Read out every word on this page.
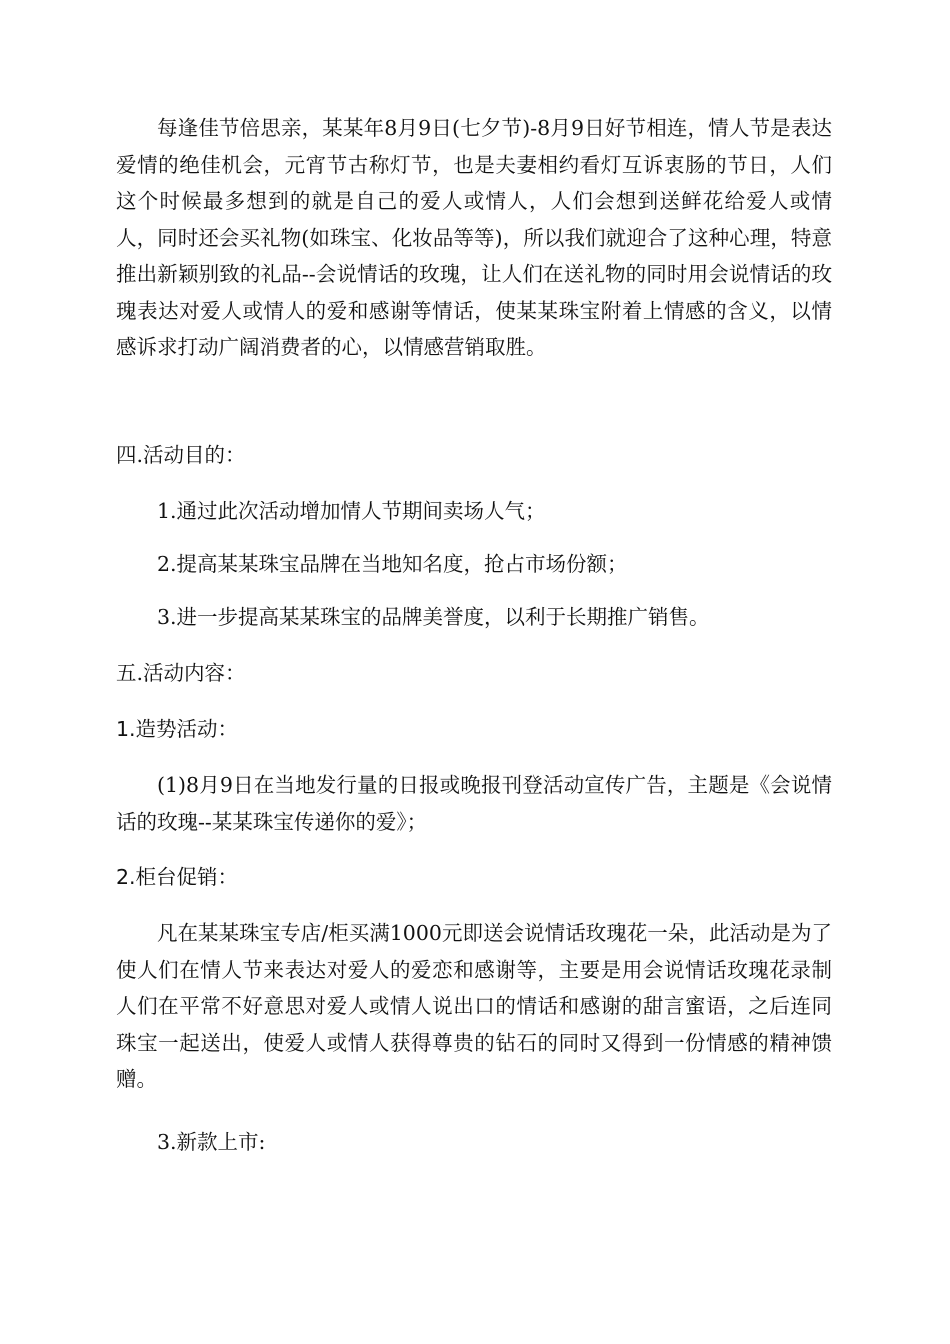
每逢佳节倍思亲，某某年8月9日(七夕节)-8月9日好节相连，情人节是表达爱情的绝佳机会，元宵节古称灯节，也是夫妻相约看灯互诉衷肠的节日，人们这个时候最多想到的就是自己的爱人或情人，人们会想到送鲜花给爱人或情人，同时还会买礼物(如珠宝、化妆品等等)，所以我们就迎合了这种心理，特意推出新颖别致的礼品--会说情话的玫瑰，让人们在送礼物的同时用会说情话的玫瑰表达对爱人或情人的爱和感谢等情话，使某某珠宝附着上情感的含义，以情感诉求打动广阔消费者的心，以情感营销取胜。

四.活动目的：

1.通过此次活动增加情人节期间卖场人气；

2.提高某某珠宝品牌在当地知名度，抢占市场份额；

3.进一步提高某某珠宝的品牌美誉度，以利于长期推广销售。

五.活动内容：

1.造势活动：

(1)8月9日在当地发行量的日报或晚报刊登活动宣传广告，主题是《会说情话的玫瑰--某某珠宝传递你的爱》；

2.柜台促销：

凡在某某珠宝专店/柜买满1000元即送会说情话玫瑰花一朵，此活动是为了使人们在情人节来表达对爱人的爱恋和感谢等，主要是用会说情话玫瑰花录制人们在平常不好意思对爱人或情人说出口的情话和感谢的甜言蜜语，之后连同珠宝一起送出，使爱人或情人获得尊贵的钻石的同时又得到一份情感的精神馈赠。

3.新款上市:
